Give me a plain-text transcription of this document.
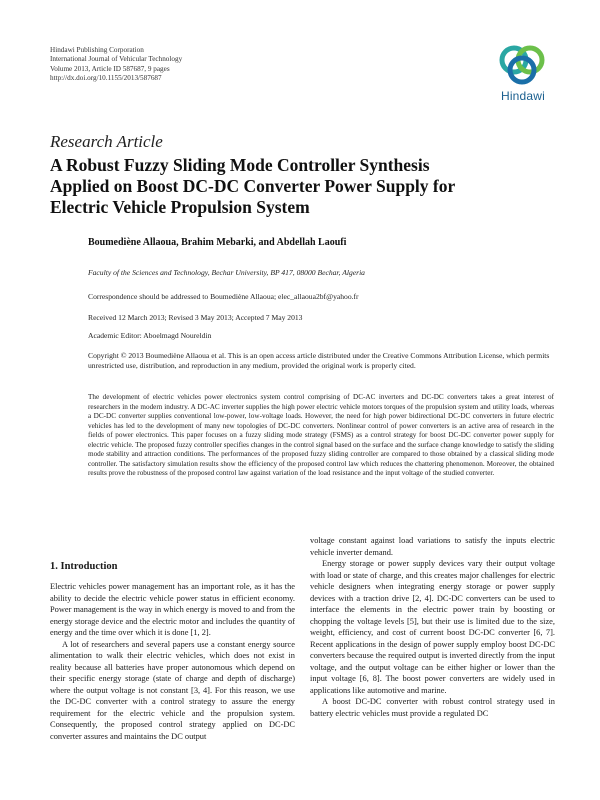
Hindawi Publishing Corporation
International Journal of Vehicular Technology
Volume 2013, Article ID 587687, 9 pages
http://dx.doi.org/10.1155/2013/587687
Hindawi
Research Article
A Robust Fuzzy Sliding Mode Controller Synthesis
Applied on Boost DC-DC Converter Power Supply for
Electric Vehicle Propulsion System
Boumediène Allaoua, Brahim Mebarki, and Abdellah Laoufi
Faculty of the Sciences and Technology, Bechar University, BP 417, 08000 Bechar, Algeria
Correspondence should be addressed to Boumediène Allaoua; elec_allaoua2bf@yahoo.fr
Received 12 March 2013; Revised 3 May 2013; Accepted 7 May 2013
Academic Editor: Aboelmagd Noureldin
Copyright © 2013 Boumediène Allaoua et al. This is an open access article distributed under the Creative Commons Attribution License, which permits unrestricted use, distribution, and reproduction in any medium, provided the original work is properly cited.
The development of electric vehicles power electronics system control comprising of DC-AC inverters and DC-DC converters takes a great interest of researchers in the modern industry. A DC-AC inverter supplies the high power electric vehicle motors torques of the propulsion system and utility loads, whereas a DC-DC converter supplies conventional low-power, low-voltage loads. However, the need for high power bidirectional DC-DC converters in future electric vehicles has led to the development of many new topologies of DC-DC converters. Nonlinear control of power converters is an active area of research in the fields of power electronics. This paper focuses on a fuzzy sliding mode strategy (FSMS) as a control strategy for boost DC-DC converter power supply for electric vehicle. The proposed fuzzy controller specifies changes in the control signal based on the surface and the surface change knowledge to satisfy the sliding mode stability and attraction conditions. The performances of the proposed fuzzy sliding controller are compared to those obtained by a classical sliding mode controller. The satisfactory simulation results show the efficiency of the proposed control law which reduces the chattering phenomenon. Moreover, the obtained results prove the robustness of the proposed control law against variation of the load resistance and the input voltage of the studied converter.
1. Introduction

Electric vehicles power management has an important role, as it has the ability to decide the electric vehicle power status in efficient economy. Power management is the way in which energy is moved to and from the energy storage device and the electric motor and includes the quantity of energy and the time over which it is done [1, 2].

A lot of researchers and several papers use a constant energy source alimentation to walk their electric vehicles, which does not exist in reality because all batteries have proper autonomous which depend on their specific energy storage (state of charge and depth of discharge) where the output voltage is not constant [3, 4]. For this reason, we use the DC-DC converter with a control strategy to assure the energy requirement for the electric vehicle and the propulsion system. Consequently, the proposed control strategy applied on DC-DC converter assures and maintains the DC output

voltage constant against load variations to satisfy the inputs electric vehicle inverter demand.

Energy storage or power supply devices vary their output voltage with load or state of charge, and this creates major challenges for electric vehicle designers when integrating energy storage or power supply devices with a traction drive [2, 4]. DC-DC converters can be used to interface the elements in the electric power train by boosting or chopping the voltage levels [5], but their use is limited due to the size, weight, efficiency, and cost of current boost DC-DC converter [6, 7]. Recent applications in the design of power supply employ boost DC-DC converters because the required output is inverted directly from the input voltage, and the output voltage can be either higher or lower than the input voltage [6, 8]. The boost power converters are widely used in applications like automotive and marine.

A boost DC-DC converter with robust control strategy used in battery electric vehicles must provide a regulated DC
